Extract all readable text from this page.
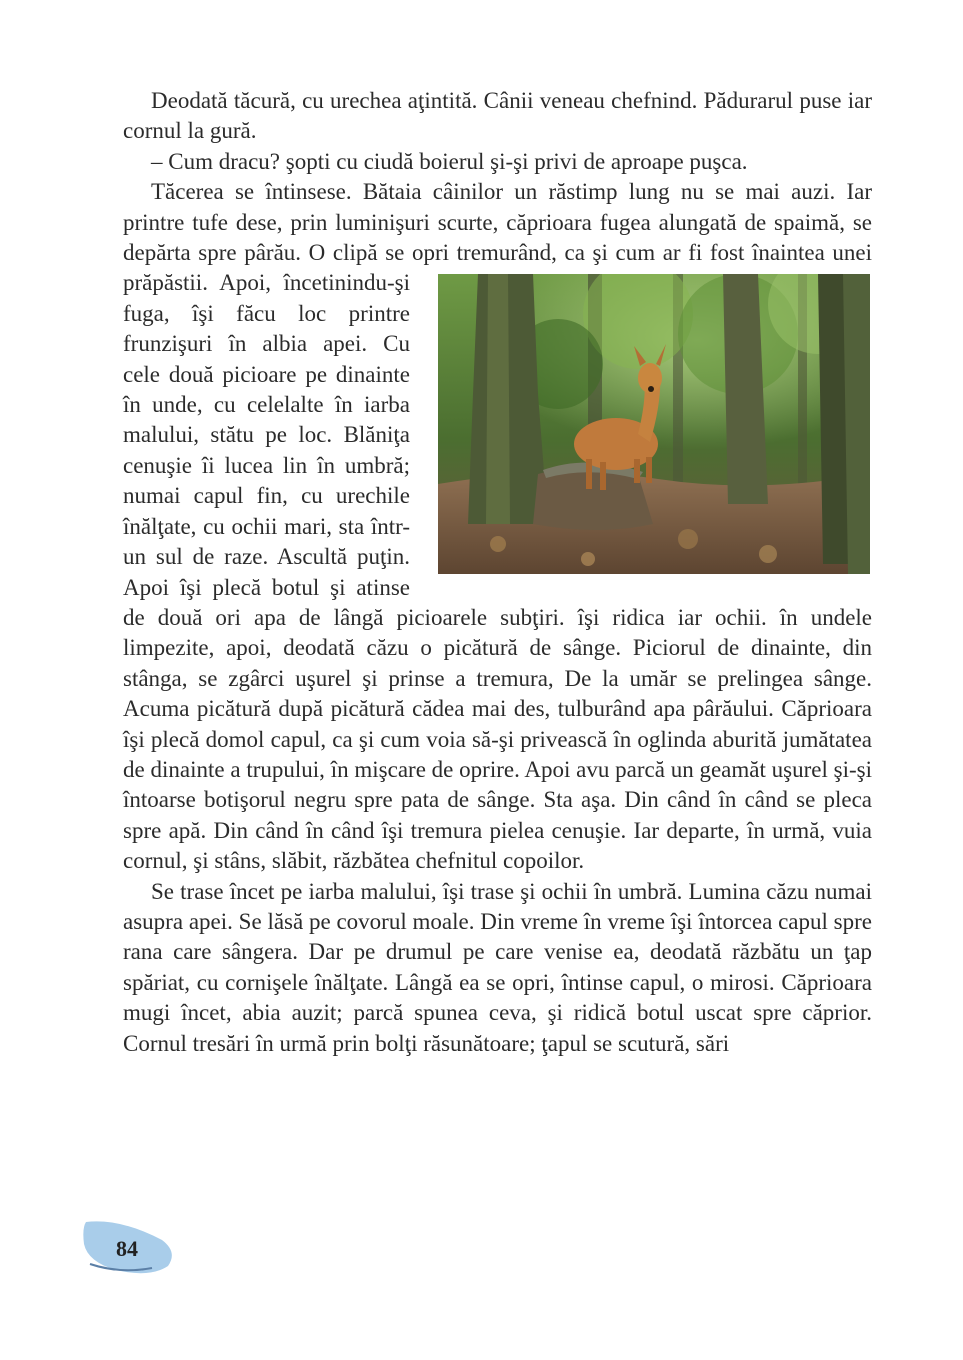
Deodată tăcură, cu urechea aţintită. Cânii veneau chefnind. Pădurarul puse iar cornul la gură.

– Cum dracu? şopti cu ciudă boierul şi-şi privi de aproape puşca.

Tăcerea se întinsese. Bătaia câinilor un răstimp lung nu se mai auzi. Iar printre tufe dese, prin luminişuri scurte, căprioara fugea alungată de spaimă, se depărta spre pârău. O clipă se opri
tremurând, ca şi cum ar fi fost înaintea unei prăpăstii. Apoi, încetinindu-şi fuga, îşi făcu loc printre frunzişuri în albia apei. Cu cele două picioare pe dinainte în unde, cu celelalte în iarba malului, stătu pe loc. Blăniţa cenuşie îi lucea lin în umbră; numai capul fin, cu urechile înălţate, cu ochii mari, sta într-un sul de raze. Ascultă puţin. Apoi îşi plecă botul şi atinse de două ori apa de lângă picioarele subţiri. îşi ridica iar ochii. în undele limpezite, apoi, deodată căzu o picătură de sânge. Piciorul de dinainte, din stânga, se zgârci uşurel şi prinse a tremura, De la umăr se prelingea sânge. Acuma picătură după picătură cădea mai des, tulburând apa pârăului. Căprioara îşi plecă domol capul, ca şi cum voia să-şi privească în oglinda aburită jumătatea de dinainte a trupului, în mişcare de oprire. Apoi avu parcă un geamăt uşurel şi-şi întoarse botişorul negru spre pata de sânge. Sta aşa. Din când în când se pleca spre apă. Din când în când îşi tremura pielea cenuşie. Iar departe, în urmă, vuia cornul, şi stâns, slăbit, răzbătea chefnitul copoilor.

Se trase încet pe iarba malului, îşi trase şi ochii în umbră. Lumina căzu numai asupra apei. Se lăsă pe covorul moale. Din vreme în vreme îşi întorcea capul spre rana care sângera. Dar pe drumul pe care venise ea, deodată răzbătu un ţap spăriat, cu cornişele înălţate. Lângă ea se opri, întinse capul, o mirosi. Căprioara mugi încet, abia auzit; parcă spunea ceva, şi ridică botul uscat spre căprior. Cornul tresări în urmă prin bolţi răsunătoare; ţapul se scutură, sări

84
